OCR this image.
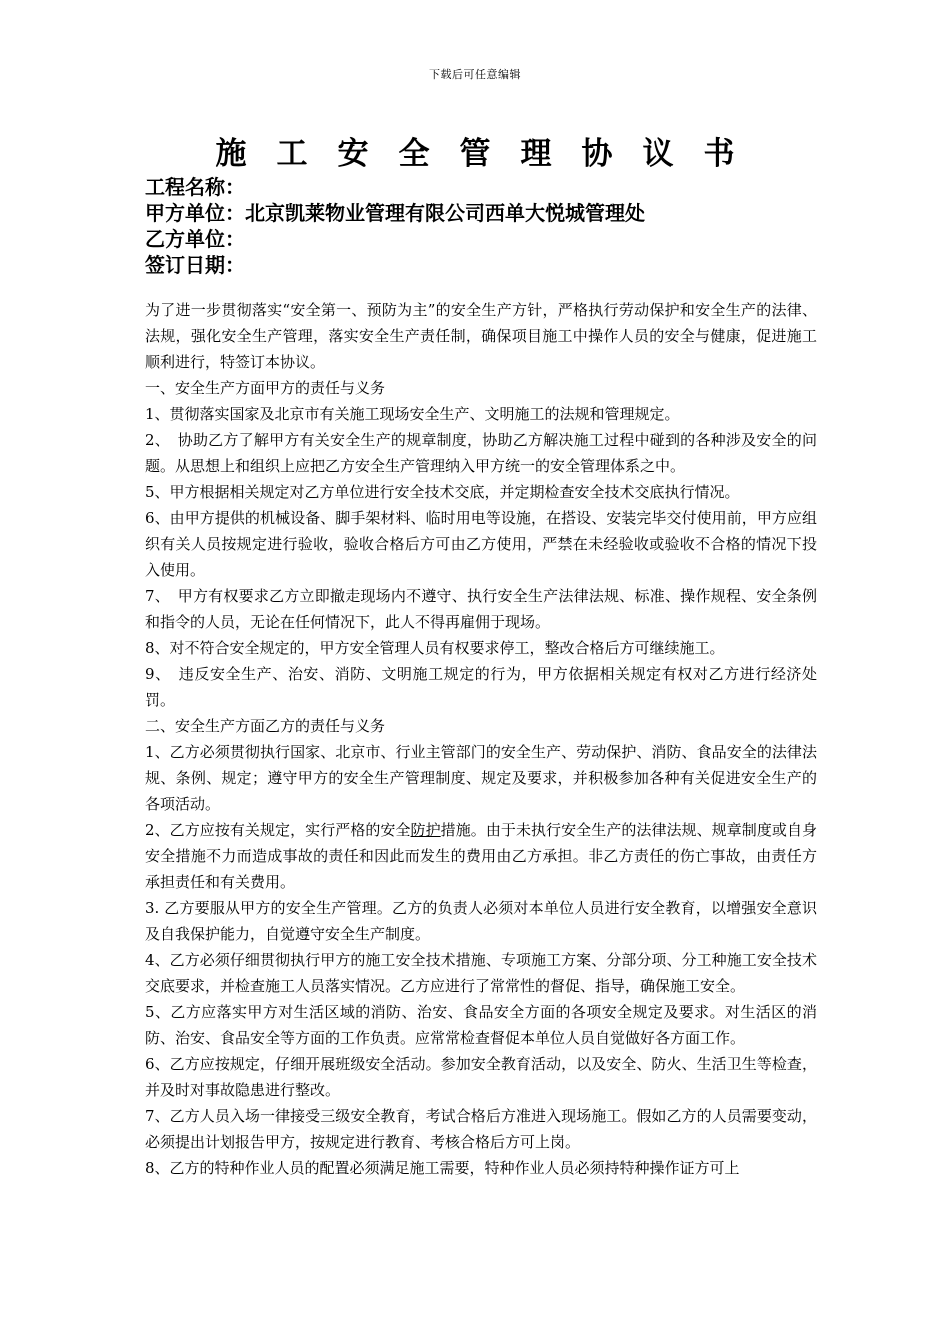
下载后可任意编辑
施工安全管理协议书
工程名称：
甲方单位：北京凯莱物业管理有限公司西单大悦城管理处
乙方单位：
签订日期：

为了进一步贯彻落实“安全第一、预防为主”的安全生产方针，严格执行劳动保护和安全生产的法律、法规，强化安全生产管理，落实安全生产责任制，确保项目施工中操作人员的安全与健康，促进施工顺利进行，特签订本协议。

一、安全生产方面甲方的责任与义务

1、贯彻落实国家及北京市有关施工现场安全生产、文明施工的法规和管理规定。

2、　协助乙方了解甲方有关安全生产的规章制度，协助乙方解决施工过程中碰到的各种涉及安全的问题。从思想上和组织上应把乙方安全生产管理纳入甲方统一的安全管理体系之中。

5、甲方根据相关规定对乙方单位进行安全技术交底，并定期检查安全技术交底执行情况。

6、由甲方提供的机械设备、脚手架材料、临时用电等设施，在搭设、安装完毕交付使用前，甲方应组织有关人员按规定进行验收，验收合格后方可由乙方使用，严禁在未经验收或验收不合格的情况下投入使用。

7、　甲方有权要求乙方立即撤走现场内不遵守、执行安全生产法律法规、标准、操作规程、安全条例和指令的人员，无论在任何情况下，此人不得再雇佣于现场。

8、对不符合安全规定的，甲方安全管理人员有权要求停工，整改合格后方可继续施工。

9、　违反安全生产、治安、消防、文明施工规定的行为，甲方依据相关规定有权对乙方进行经济处罚。

二、安全生产方面乙方的责任与义务

1、乙方必须贯彻执行国家、北京市、行业主管部门的安全生产、劳动保护、消防、食品安全的法律法规、条例、规定；遵守甲方的安全生产管理制度、规定及要求，并积极参加各种有关促进安全生产的各项活动。

2、乙方应按有关规定，实行严格的安全防护措施。由于未执行安全生产的法律法规、规章制度或自身安全措施不力而造成事故的责任和因此而发生的费用由乙方承担。非乙方责任的伤亡事故，由责任方承担责任和有关费用。

3. 乙方要服从甲方的安全生产管理。乙方的负责人必须对本单位人员进行安全教育，以增强安全意识及自我保护能力，自觉遵守安全生产制度。

4、乙方必须仔细贯彻执行甲方的施工安全技术措施、专项施工方案、分部分项、分工种施工安全技术交底要求，并检查施工人员落实情况。乙方应进行了常常性的督促、指导，确保施工安全。

5、乙方应落实甲方对生活区域的消防、治安、食品安全方面的各项安全规定及要求。对生活区的消防、治安、食品安全等方面的工作负责。应常常检查督促本单位人员自觉做好各方面工作。

6、乙方应按规定，仔细开展班级安全活动。参加安全教育活动，以及安全、防火、生活卫生等检查，并及时对事故隐患进行整改。

7、乙方人员入场一律接受三级安全教育，考试合格后方准进入现场施工。假如乙方的人员需要变动，必须提出计划报告甲方，按规定进行教育、考核合格后方可上岗。

8、乙方的特种作业人员的配置必须满足施工需要，特种作业人员必须持特种操作证方可上
